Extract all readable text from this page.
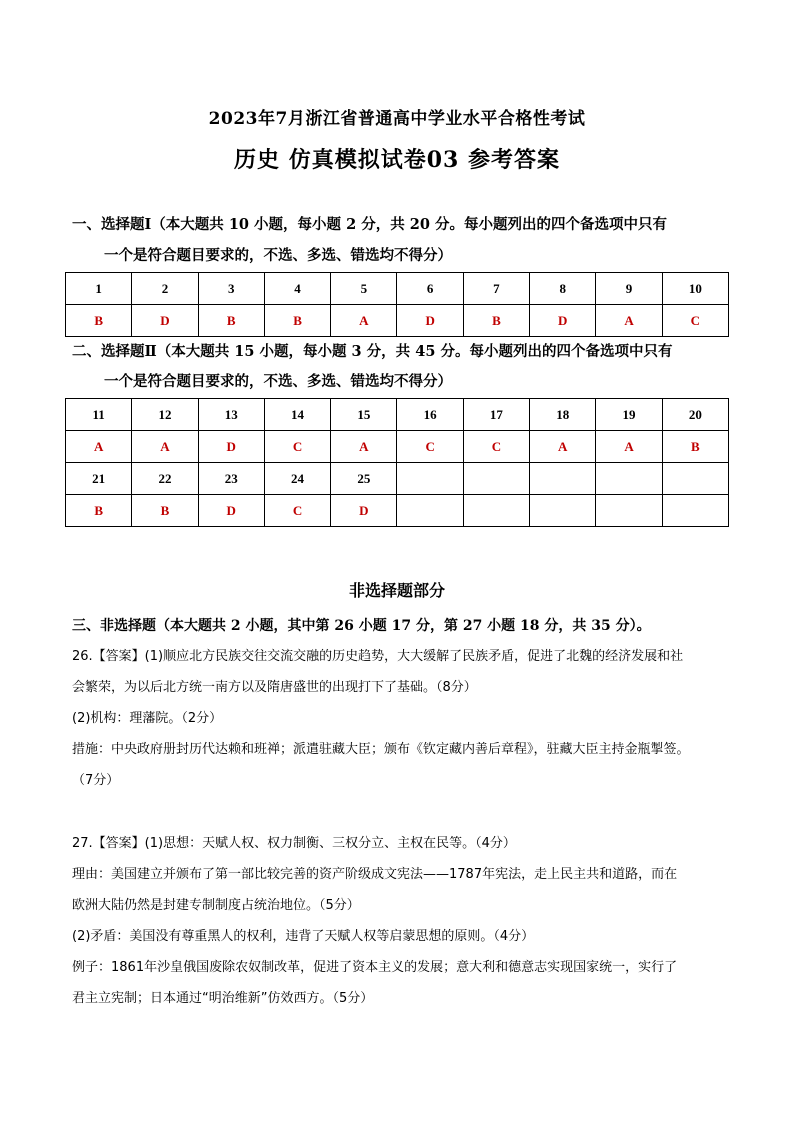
2023年7月浙江省普通高中学业水平合格性考试
历史 仿真模拟试卷03 参考答案
一、选择题Ⅰ（本大题共 10 小题，每小题 2 分，共 20 分。每小题列出的四个备选项中只有
一个是符合题目要求的，不选、多选、错选均不得分）
1	2	3	4	5	6	7	8	9	10
B	D	B	B	A	D	B	D	A	C
二、选择题Ⅱ（本大题共 15 小题，每小题 3 分，共 45 分。每小题列出的四个备选项中只有
一个是符合题目要求的，不选、多选、错选均不得分）
11	12	13	14	15	16	17	18	19	20
A	A	D	C	A	C	C	A	A	B
21	22	23	24	25					
B	B	D	C	D					
非选择题部分
三、非选择题（本大题共 2 小题，其中第 26 小题 17 分，第 27 小题 18 分，共 35 分）。
26.【答案】(1)顺应北方民族交往交流交融的历史趋势，大大缓解了民族矛盾，促进了北魏的经济发展和社
会繁荣，为以后北方统一南方以及隋唐盛世的出现打下了基础。（8分）
(2)机构：理藩院。（2分）
措施：中央政府册封历代达赖和班禅；派遣驻藏大臣；颁布《钦定藏内善后章程》，驻藏大臣主持金瓶掣签。
（7分）
27.【答案】(1)思想：天赋人权、权力制衡、三权分立、主权在民等。（4分）
理由：美国建立并颁布了第一部比较完善的资产阶级成文宪法——1787年宪法，走上民主共和道路，而在
欧洲大陆仍然是封建专制制度占统治地位。（5分）
(2)矛盾：美国没有尊重黑人的权利，违背了天赋人权等启蒙思想的原则。（4分）
例子：1861年沙皇俄国废除农奴制改革，促进了资本主义的发展；意大利和德意志实现国家统一，实行了
君主立宪制；日本通过“明治维新”仿效西方。（5分）
